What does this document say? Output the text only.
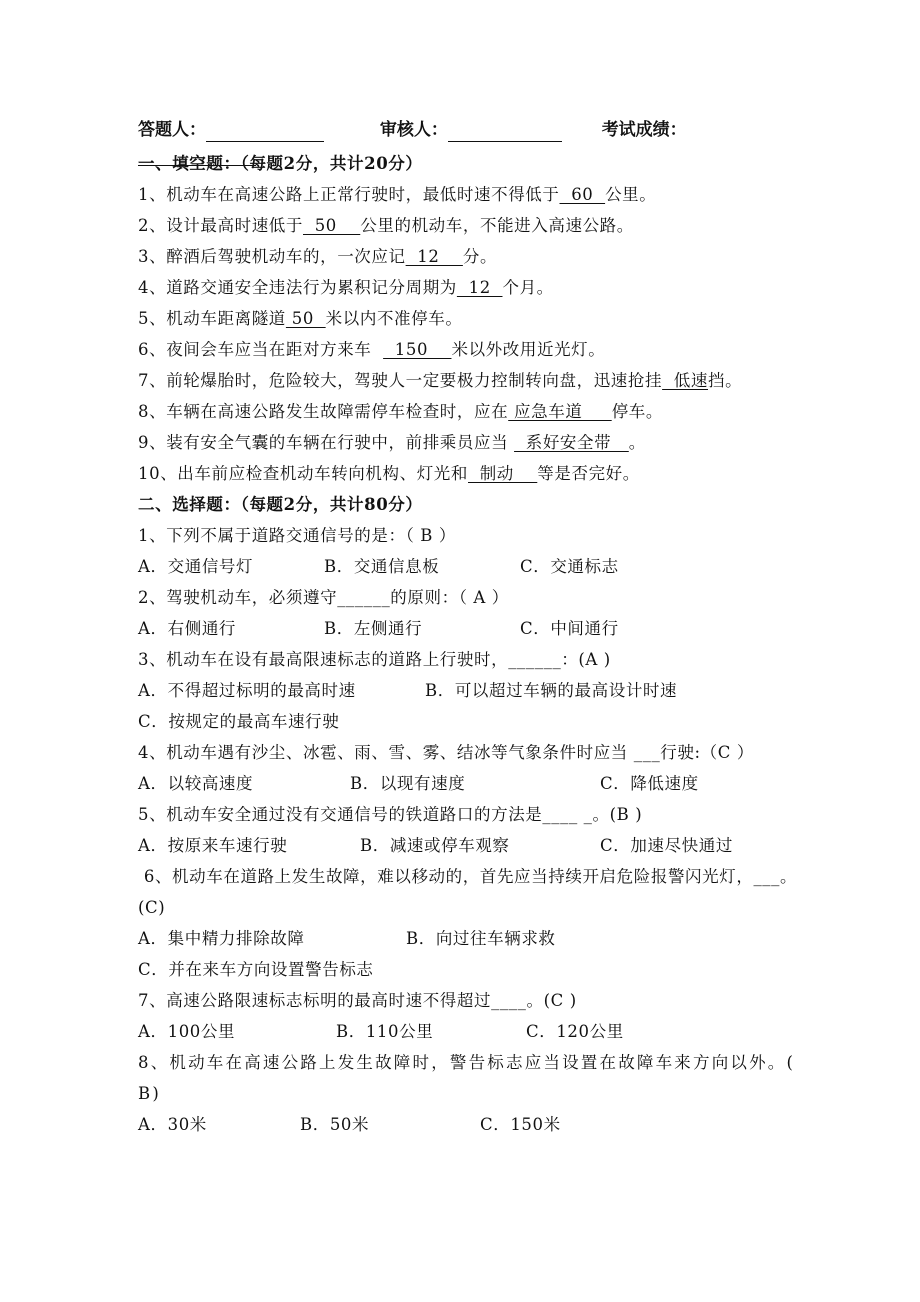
答题人：	审核人：	考试成绩：

一、填空题：（每题2分，共计20分）

1、机动车在高速公路上正常行驶时，最低时速不得低于  60  公里。

2、设计最高时速低于  50    公里的机动车，不能进入高速公路。

3、醉酒后驾驶机动车的，一次应记  12    分。

4、道路交通安全违法行为累积记分周期为  12  个月。

5、机动车距离隧道 50  米以内不准停车。

6、夜间会车应当在距对方来车    150    米以外改用近光灯。

7、前轮爆胎时，危险较大，驾驶人一定要极力控制转向盘，迅速抢挂  低速挡。

8、车辆在高速公路发生故障需停车检查时，应在 应急车道     停车。

9、装有安全气囊的车辆在行驶中，前排乘员应当   系好安全带   。

10、出车前应检查机动车转向机构、灯光和  制动    等是否完好。

二、选择题：（每题2分，共计80分）

1、下列不属于道路交通信号的是：（ B ）

A．交通信号灯	B．交通信息板	C．交通标志

2、驾驶机动车，必须遵守______的原则：（ A ）

A．右侧通行	B．左侧通行	C．中间通行

3、机动车在设有最高限速标志的道路上行驶时，______：(A )

A．不得超过标明的最高时速	B．可以超过车辆的最高设计时速

C．按规定的最高车速行驶

4、机动车遇有沙尘、冰雹、雨、雪、雾、结冰等气象条件时应当 ___行驶:（C ）

A．以较高速度	B．以现有速度	C．降低速度

5、机动车安全通过没有交通信号的铁道路口的方法是____ _。(B )

A．按原来车速行驶	B．减速或停车观察	C．加速尽快通过

6、机动车在道路上发生故障，难以移动的，首先应当持续开启危险报警闪光灯，___。(C)

A．集中精力排除故障	B．向过往车辆求救

C．并在来车方向设置警告标志

7、高速公路限速标志标明的最高时速不得超过____。(C )

A．100公里	B．110公里	C．120公里

8、机动车在高速公路上发生故障时，警告标志应当设置在故障车来方向以外。( B)

A．30米	B．50米	C．150米
